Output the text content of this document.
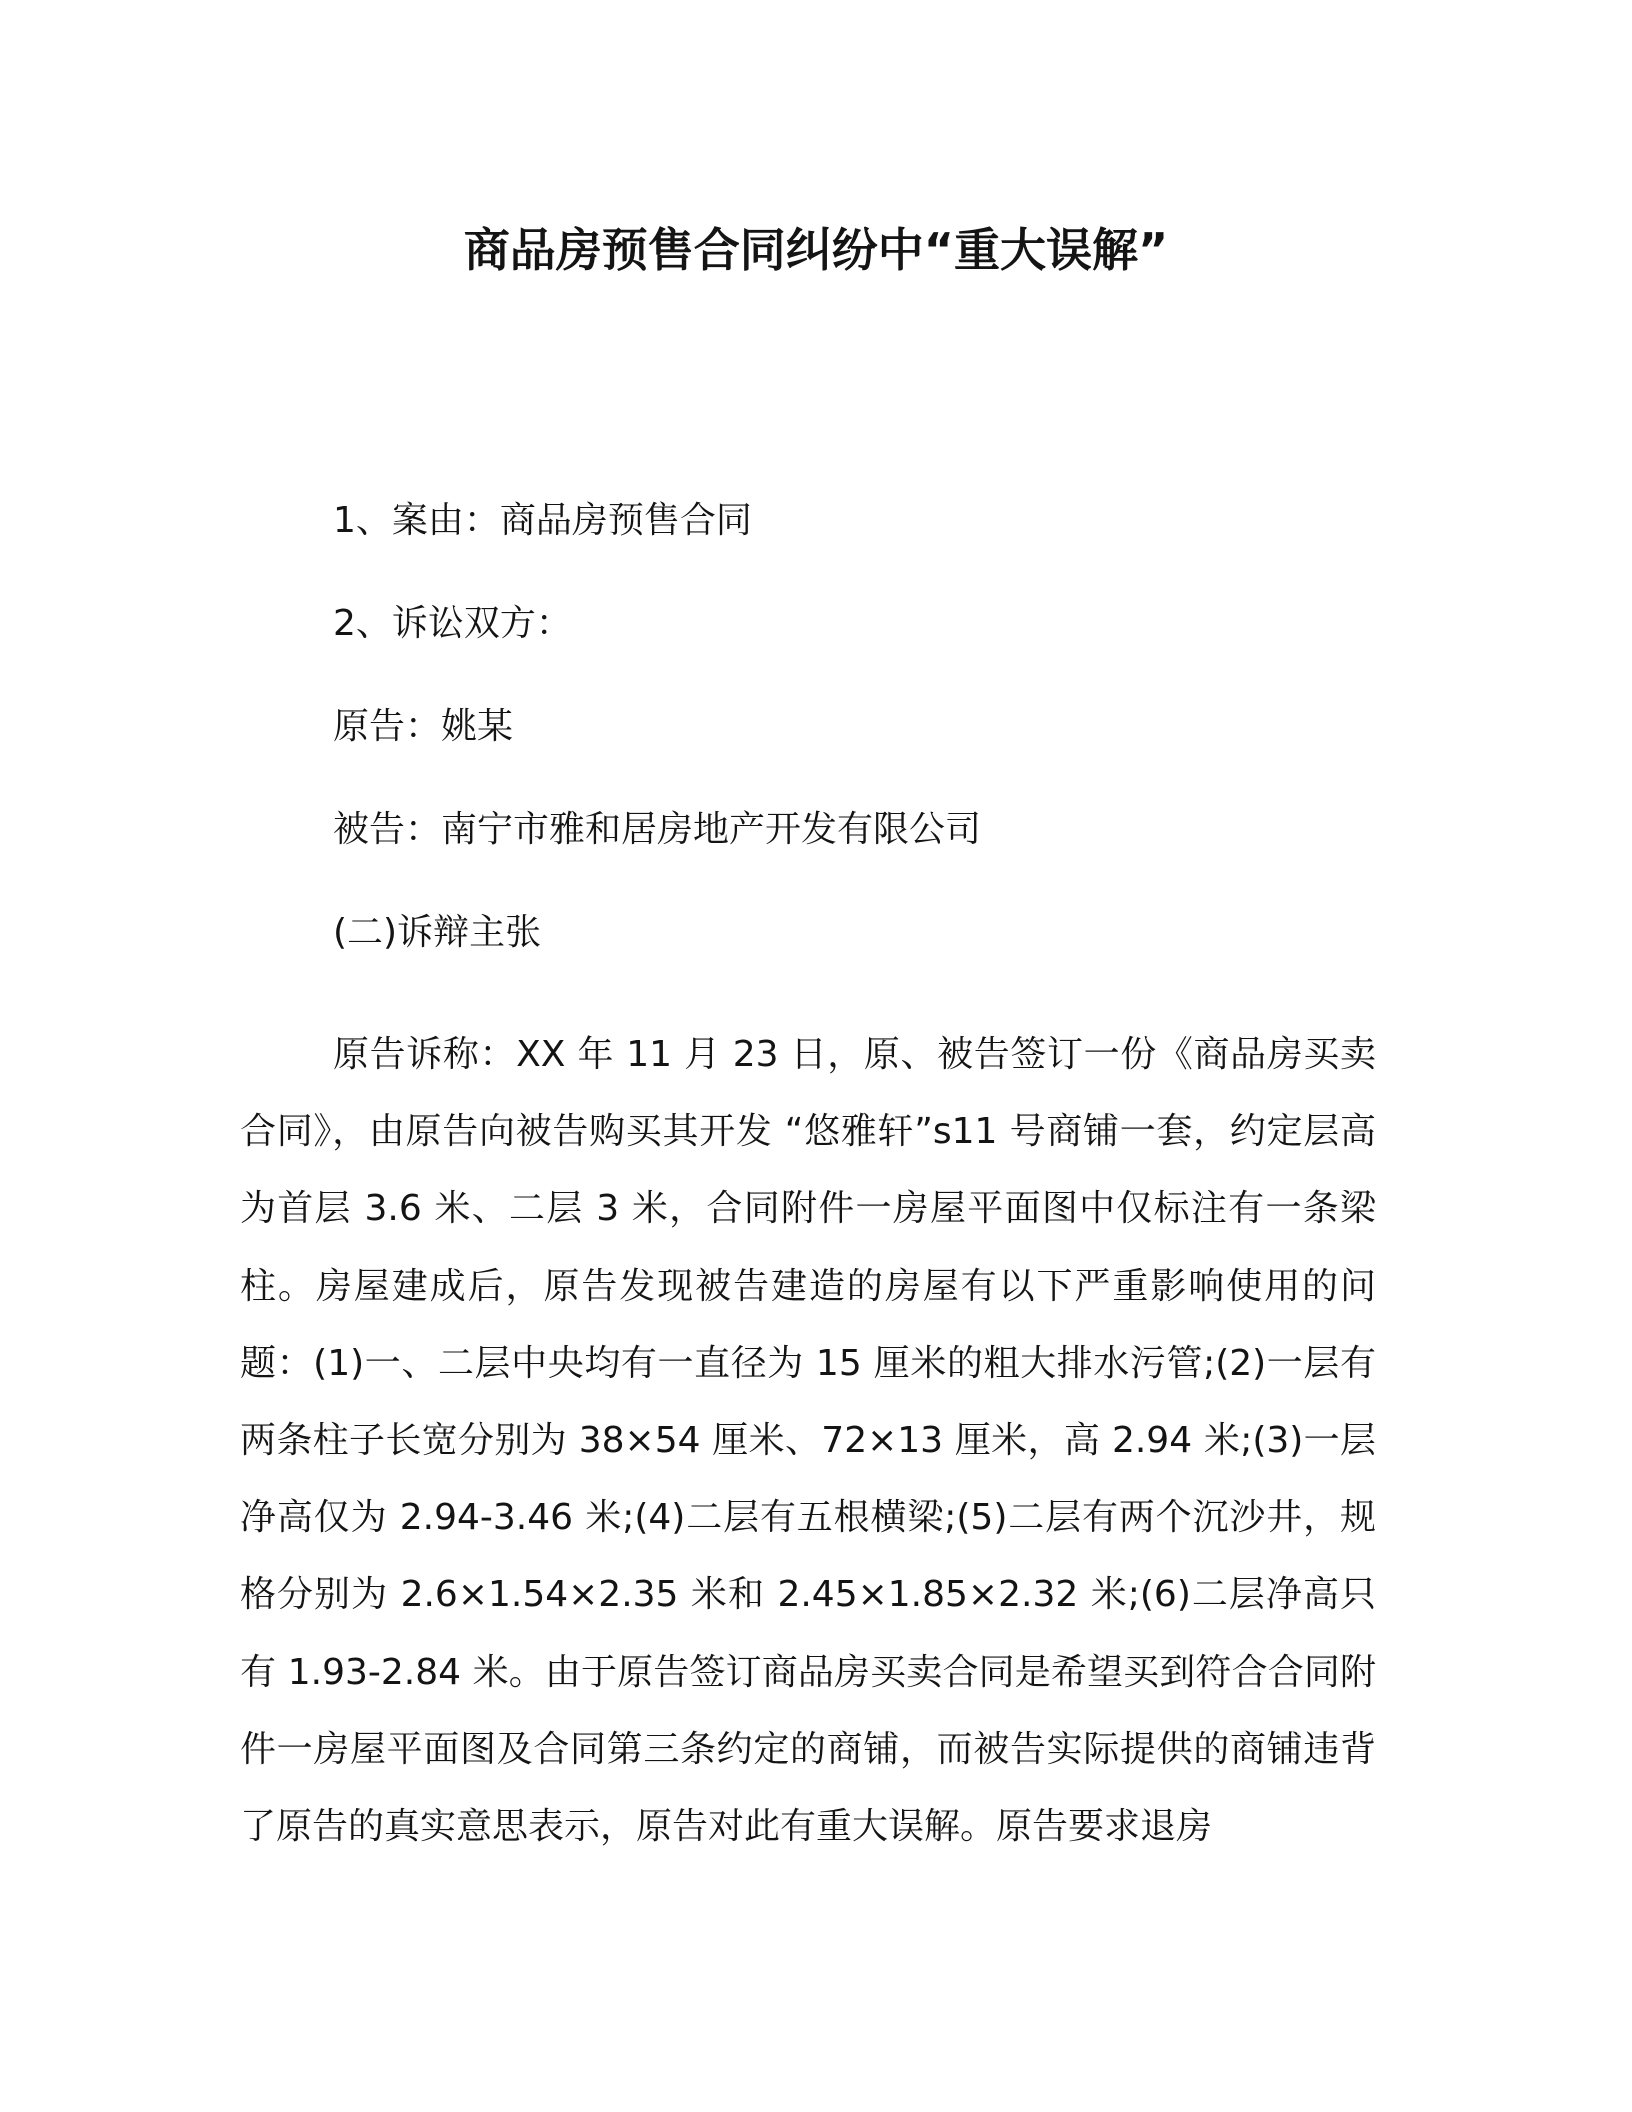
商品房预售合同纠纷中“重大误解”
1、案由：商品房预售合同
2、诉讼双方：
原告：姚某
被告：南宁市雅和居房地产开发有限公司
(二)诉辩主张

原告诉称：XX 年 11 月 23 日，原、被告签订一份《商品房买卖合同》，由原告向被告购买其开发 “悠雅轩”s11 号商铺一套，约定层高为首层 3.6 米、二层 3 米，合同附件一房屋平面图中仅标注有一条梁柱。房屋建成后，原告发现被告建造的房屋有以下严重影响使用的问题：(1)一、二层中央均有一直径为 15 厘米的粗大排水污管;(2)一层有两条柱子长宽分别为 38×54 厘米、72×13 厘米，高 2.94 米;(3)一层净高仅为 2.94-3.46 米;(4)二层有五根横梁;(5)二层有两个沉沙井，规格分别为 2.6×1.54×2.35 米和 2.45×1.85×2.32 米;(6)二层净高只有 1.93-2.84 米。由于原告签订商品房买卖合同是希望买到符合合同附件一房屋平面图及合同第三条约定的商铺，而被告实际提供的商铺违背了原告的真实意思表示，原告对此有重大误解。原告要求退房
